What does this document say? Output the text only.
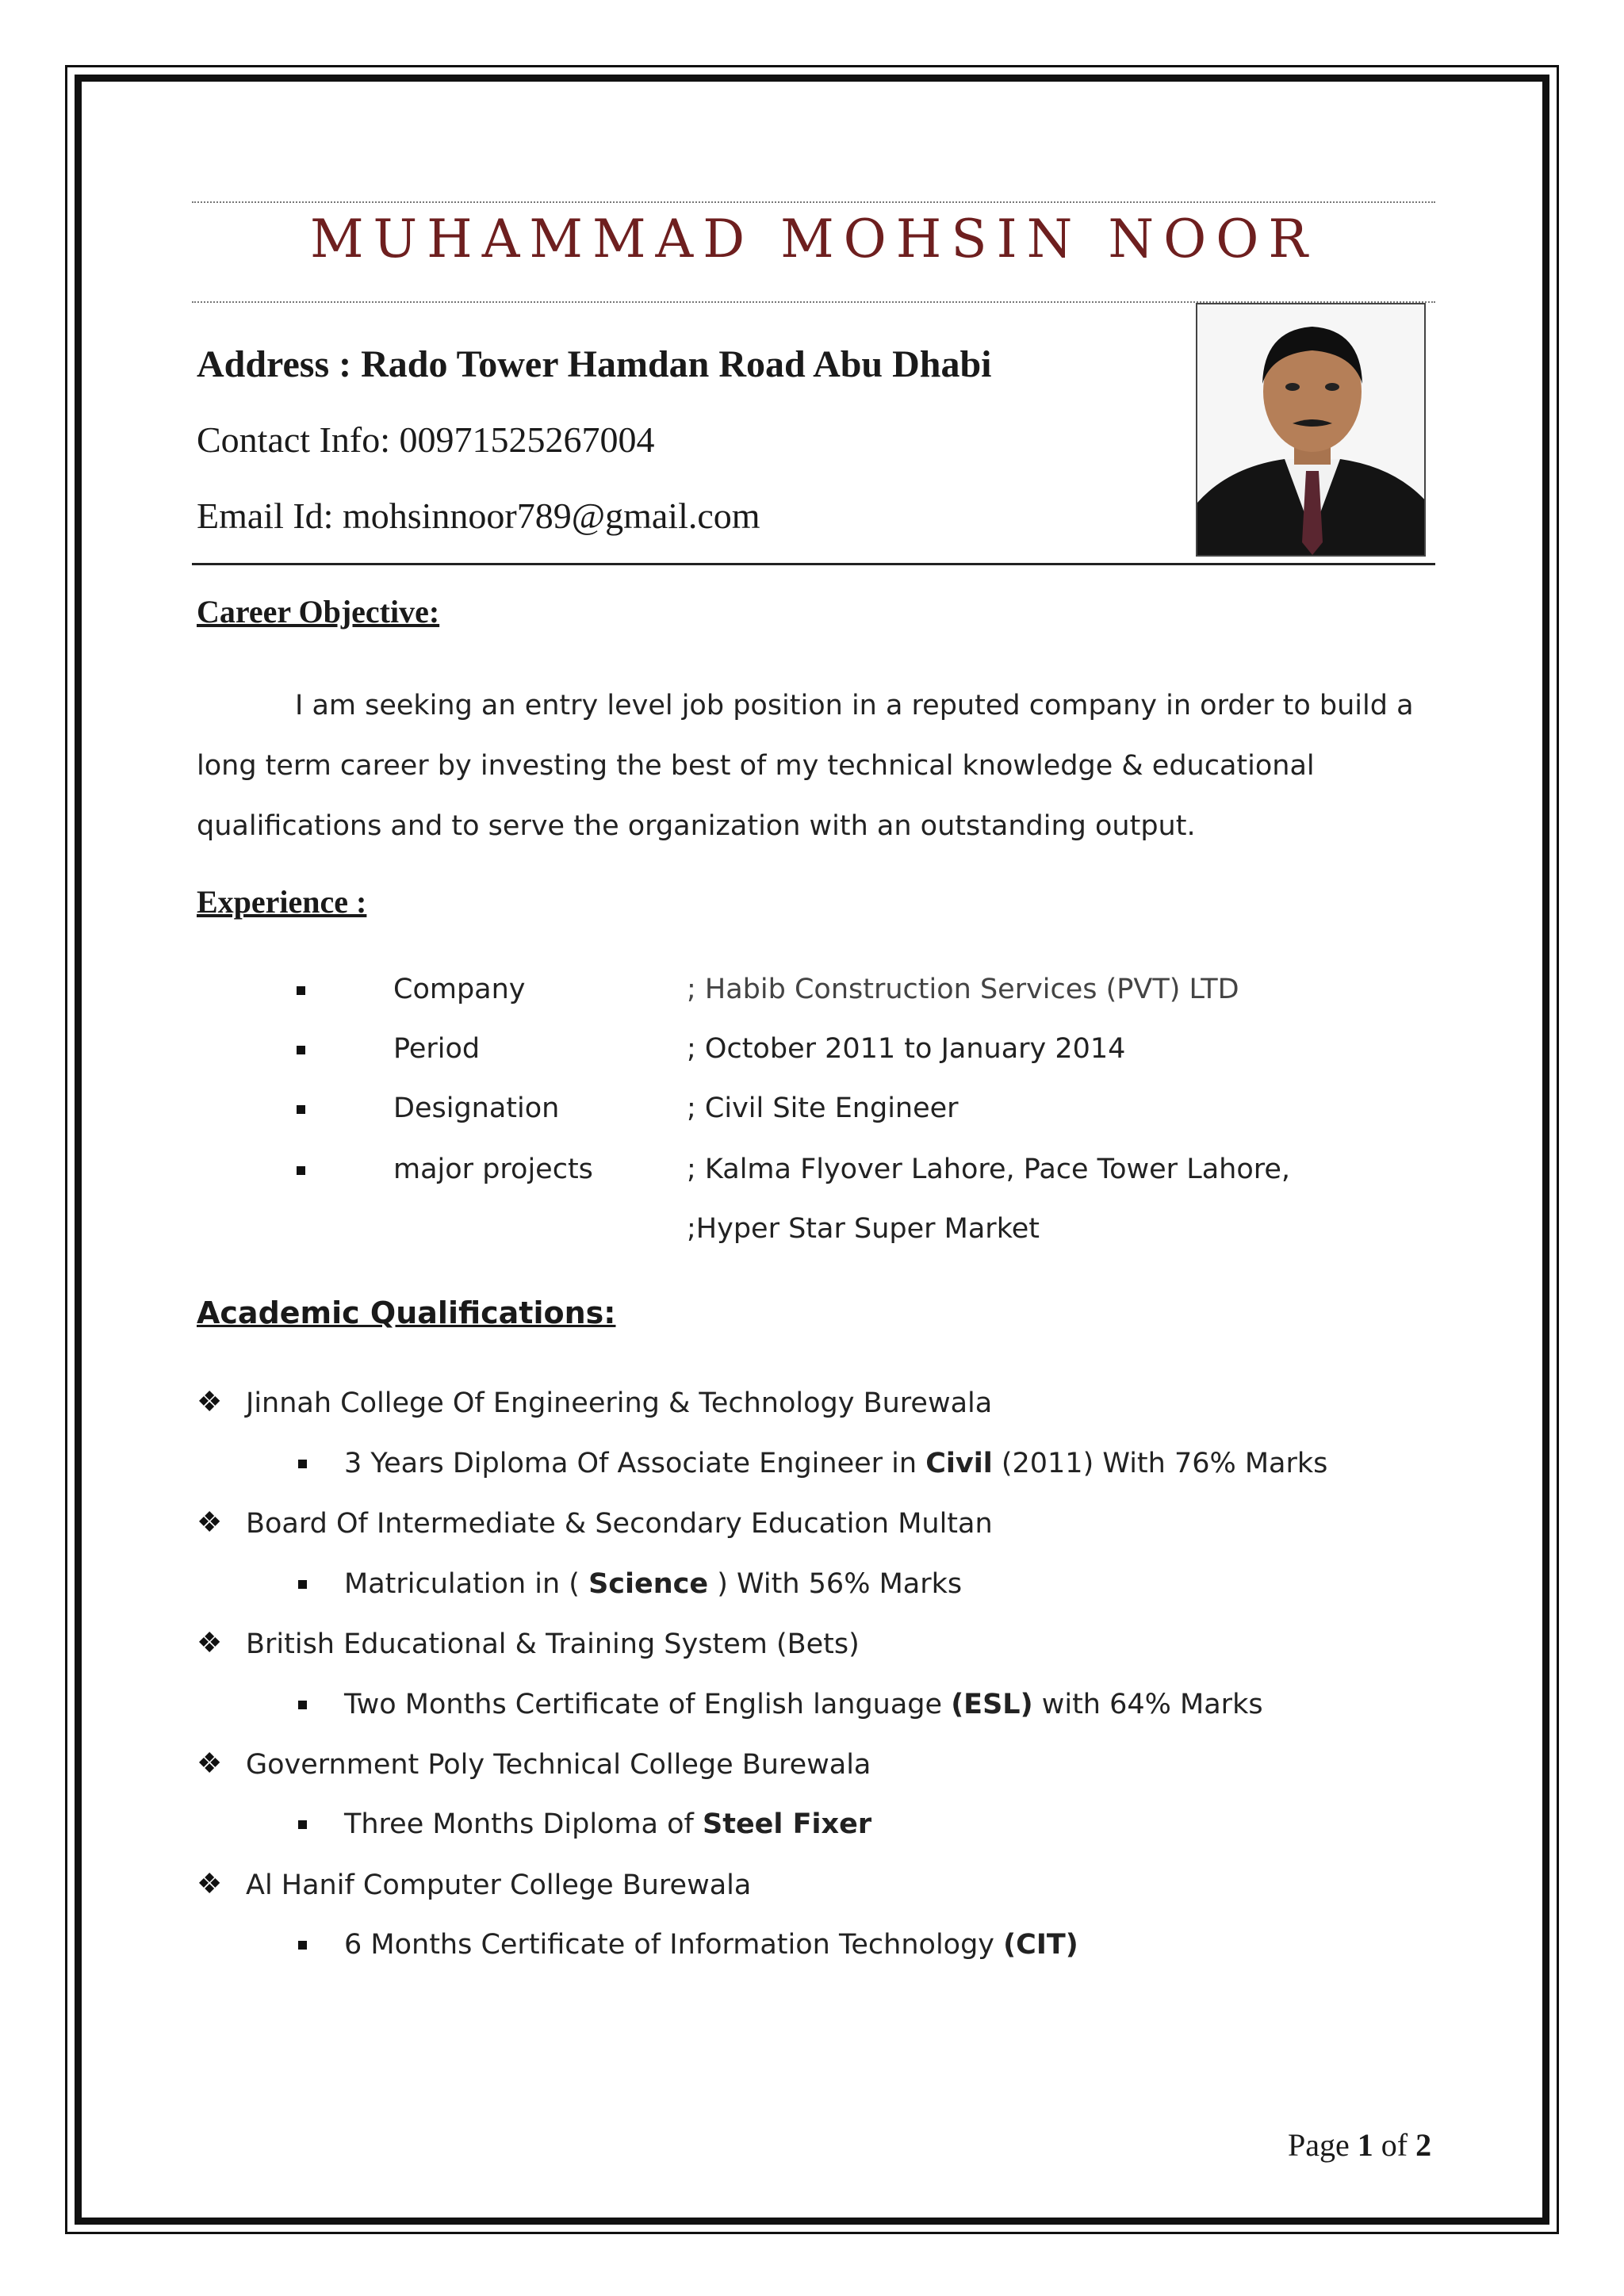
MUHAMMAD MOHSIN NOOR
Address : Rado Tower Hamdan Road Abu Dhabi
Contact Info: 00971525267004
Email Id: mohsinnoor789@gmail.com
Career Objective:
I am seeking an entry level job position in a reputed company in order to build a long term career by investing the best of my technical knowledge & educational qualifications and to serve the organization with an outstanding output.
Experience :
Company	; Habib Construction Services (PVT) LTD
Period	; October 2011 to January 2014
Designation	; Civil Site Engineer
major projects	; Kalma Flyover Lahore, Pace Tower Lahore,
;Hyper Star Super Market
Academic Qualifications:
❖ Jinnah College Of Engineering & Technology Burewala
3 Years Diploma Of Associate Engineer in Civil (2011) With 76% Marks
❖ Board Of Intermediate & Secondary Education Multan
Matriculation in ( Science ) With 56% Marks
❖ British Educational & Training System (Bets)
Two Months Certificate of English language (ESL) with 64% Marks
❖ Government Poly Technical College Burewala
Three Months Diploma of Steel Fixer
❖ Al Hanif Computer College Burewala
6 Months Certificate of Information Technology (CIT)
Page 1 of 2
